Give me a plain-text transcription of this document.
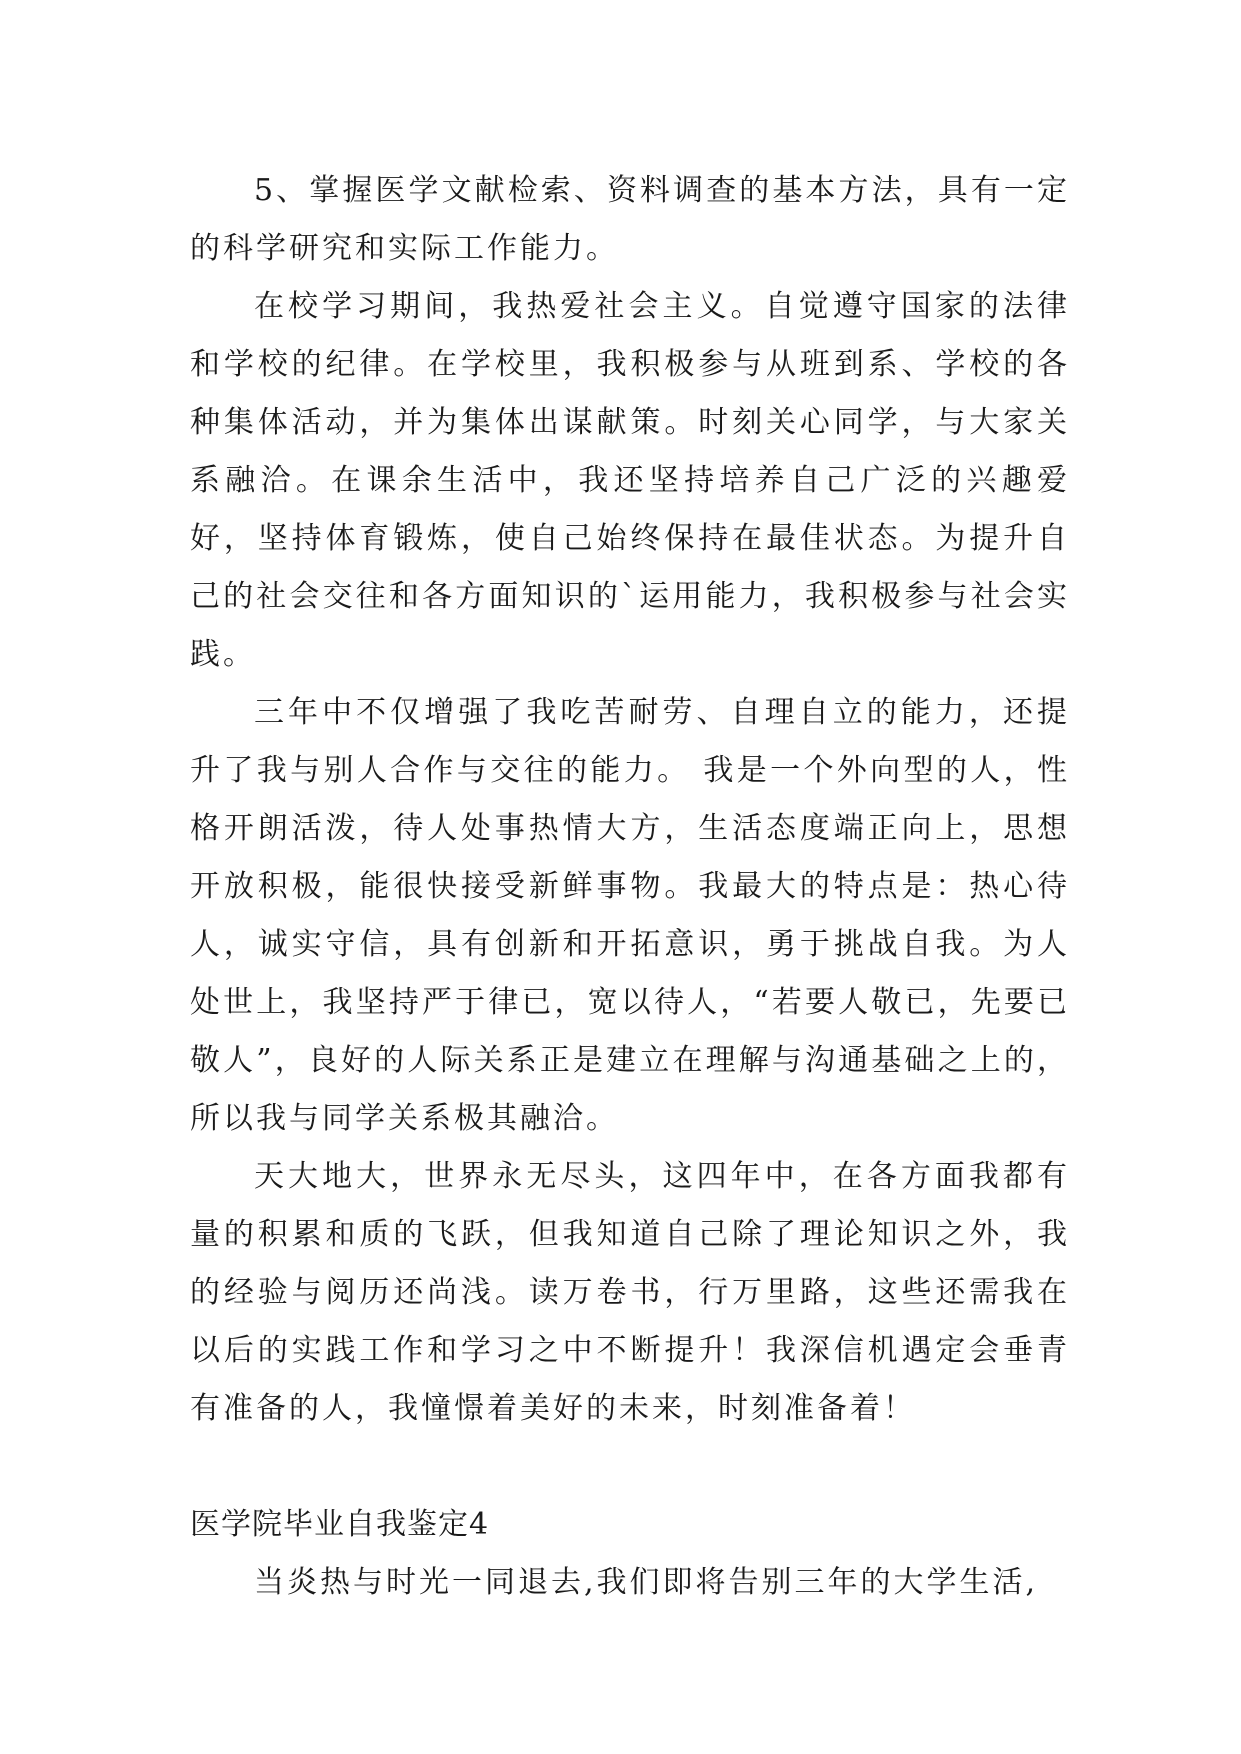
5、掌握医学文献检索、资料调查的基本方法，具有一定的科学研究和实际工作能力。

在校学习期间，我热爱社会主义。自觉遵守国家的法律和学校的纪律。在学校里，我积极参与从班到系、学校的各种集体活动，并为集体出谋献策。时刻关心同学，与大家关系融洽。在课余生活中，我还坚持培养自己广泛的兴趣爱好，坚持体育锻炼，使自己始终保持在最佳状态。为提升自己的社会交往和各方面知识的`运用能力，我积极参与社会实践。

三年中不仅增强了我吃苦耐劳、自理自立的能力，还提升了我与别人合作与交往的能力。 我是一个外向型的人，性格开朗活泼，待人处事热情大方，生活态度端正向上，思想开放积极，能很快接受新鲜事物。我最大的特点是：热心待人，诚实守信，具有创新和开拓意识，勇于挑战自我。为人处世上，我坚持严于律已，宽以待人，“若要人敬已，先要已敬人”，良好的人际关系正是建立在理解与沟通基础之上的，所以我与同学关系极其融洽。

天大地大，世界永无尽头，这四年中，在各方面我都有量的积累和质的飞跃，但我知道自己除了理论知识之外，我的经验与阅历还尚浅。读万卷书，行万里路，这些还需我在以后的实践工作和学习之中不断提升！我深信机遇定会垂青有准备的人，我憧憬着美好的未来，时刻准备着！

医学院毕业自我鉴定4

当炎热与时光一同退去,我们即将告别三年的大学生活,
